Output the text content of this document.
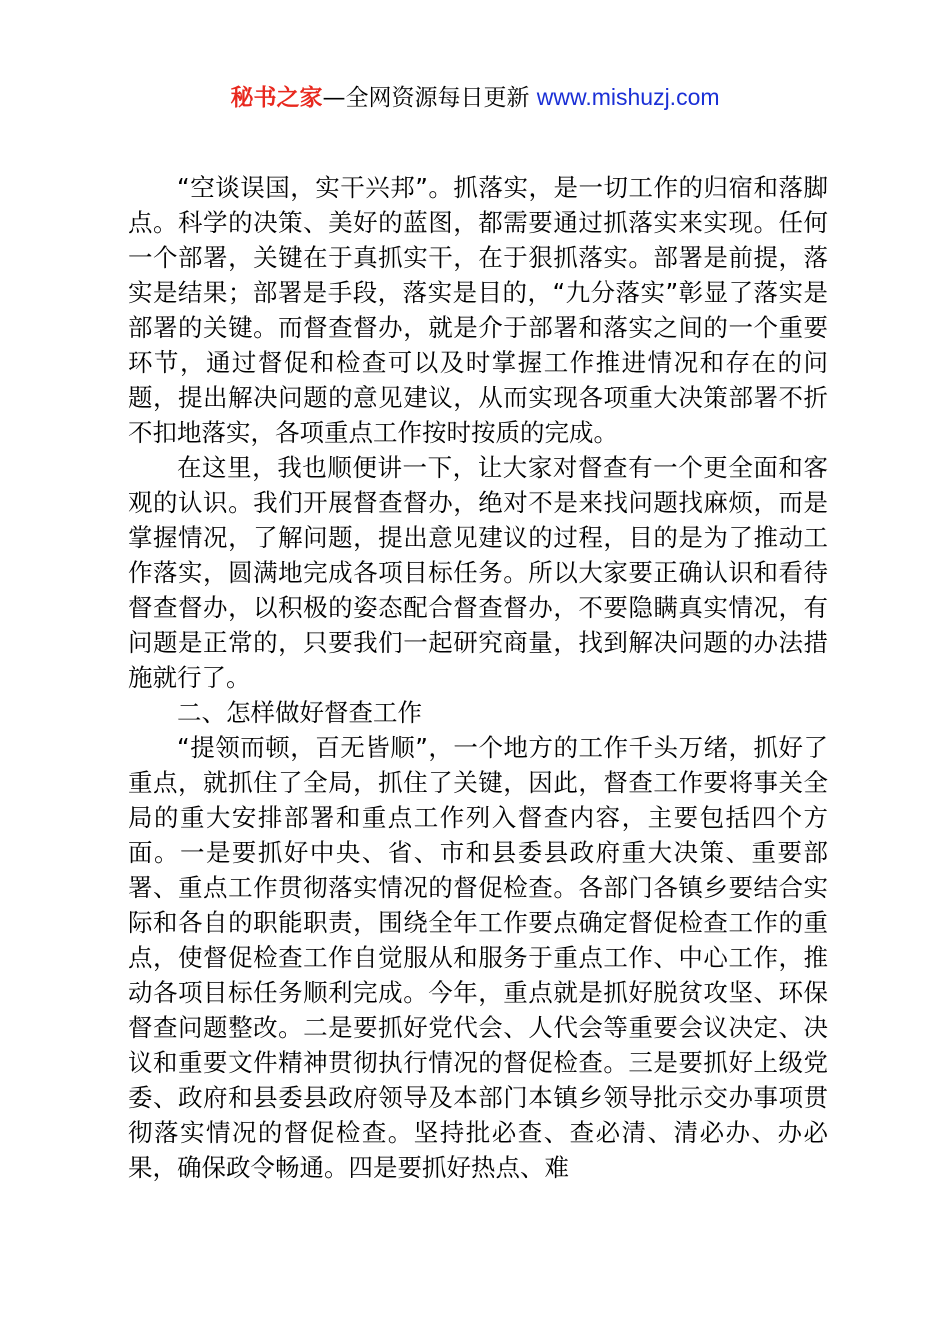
秘书之家—全网资源每日更新 www.mishuzj.com

“空谈误国，实干兴邦”。抓落实，是一切工作的归宿和落脚点。科学的决策、美好的蓝图，都需要通过抓落实来实现。任何一个部署，关键在于真抓实干，在于狠抓落实。部署是前提，落实是结果；部署是手段，落实是目的，“九分落实”彰显了落实是部署的关键。而督查督办，就是介于部署和落实之间的一个重要环节，通过督促和检查可以及时掌握工作推进情况和存在的问题，提出解决问题的意见建议，从而实现各项重大决策部署不折不扣地落实，各项重点工作按时按质的完成。

在这里，我也顺便讲一下，让大家对督查有一个更全面和客观的认识。我们开展督查督办，绝对不是来找问题找麻烦，而是掌握情况，了解问题，提出意见建议的过程，目的是为了推动工作落实，圆满地完成各项目标任务。所以大家要正确认识和看待督查督办，以积极的姿态配合督查督办，不要隐瞒真实情况，有问题是正常的，只要我们一起研究商量，找到解决问题的办法措施就行了。

二、怎样做好督查工作

“提领而顿，百无皆顺”，一个地方的工作千头万绪，抓好了重点，就抓住了全局，抓住了关键，因此，督查工作要将事关全局的重大安排部署和重点工作列入督查内容，主要包括四个方面。一是要抓好中央、省、市和县委县政府重大决策、重要部署、重点工作贯彻落实情况的督促检查。各部门各镇乡要结合实际和各自的职能职责，围绕全年工作要点确定督促检查工作的重点，使督促检查工作自觉服从和服务于重点工作、中心工作，推动各项目标任务顺利完成。今年，重点就是抓好脱贫攻坚、环保督查问题整改。二是要抓好党代会、人代会等重要会议决定、决议和重要文件精神贯彻执行情况的督促检查。三是要抓好上级党委、政府和县委县政府领导及本部门本镇乡领导批示交办事项贯彻落实情况的督促检查。坚持批必查、查必清、清必办、办必果，确保政令畅通。四是要抓好热点、难
